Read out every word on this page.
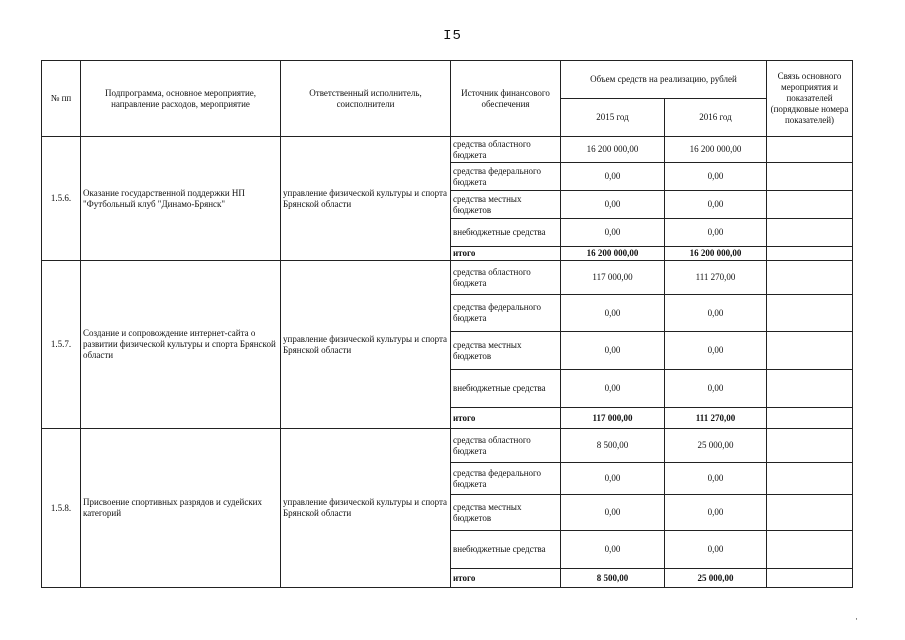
I5
№ пп	Подпрограмма, основное мероприятие, направление расходов, мероприятие	Ответственный исполнитель, соисполнители	Источник финансового обеспечения	Объем средств на реализацию, рублей		Связь основного мероприятия и показателей (порядковые номера показателей)
				2015 год	2016 год	
1.5.6.	Оказание государственной поддержки НП "Футбольный клуб "Динамо-Брянск"	управление физической культуры и спорта Брянской области	средства областного бюджета	16 200 000,00	16 200 000,00	
			средства федерального бюджета	0,00	0,00	
			средства местных бюджетов	0,00	0,00	
			внебюджетные средства	0,00	0,00	
			итого	16 200 000,00	16 200 000,00	
1.5.7.	Создание и сопровождение интернет-сайта о развитии физической культуры и спорта Брянской области	управление физической культуры и спорта Брянской области	средства областного бюджета	117 000,00	111 270,00	
			средства федерального бюджета	0,00	0,00	
			средства местных бюджетов	0,00	0,00	
			внебюджетные средства	0,00	0,00	
			итого	117 000,00	111 270,00	
1.5.8.	Присвоение спортивных разрядов и судейских категорий	управление физической культуры и спорта Брянской области	средства областного бюджета	8 500,00	25 000,00	
			средства федерального бюджета	0,00	0,00	
			средства местных бюджетов	0,00	0,00	
			внебюджетные средства	0,00	0,00	
			итого	8 500,00	25 000,00	
·
